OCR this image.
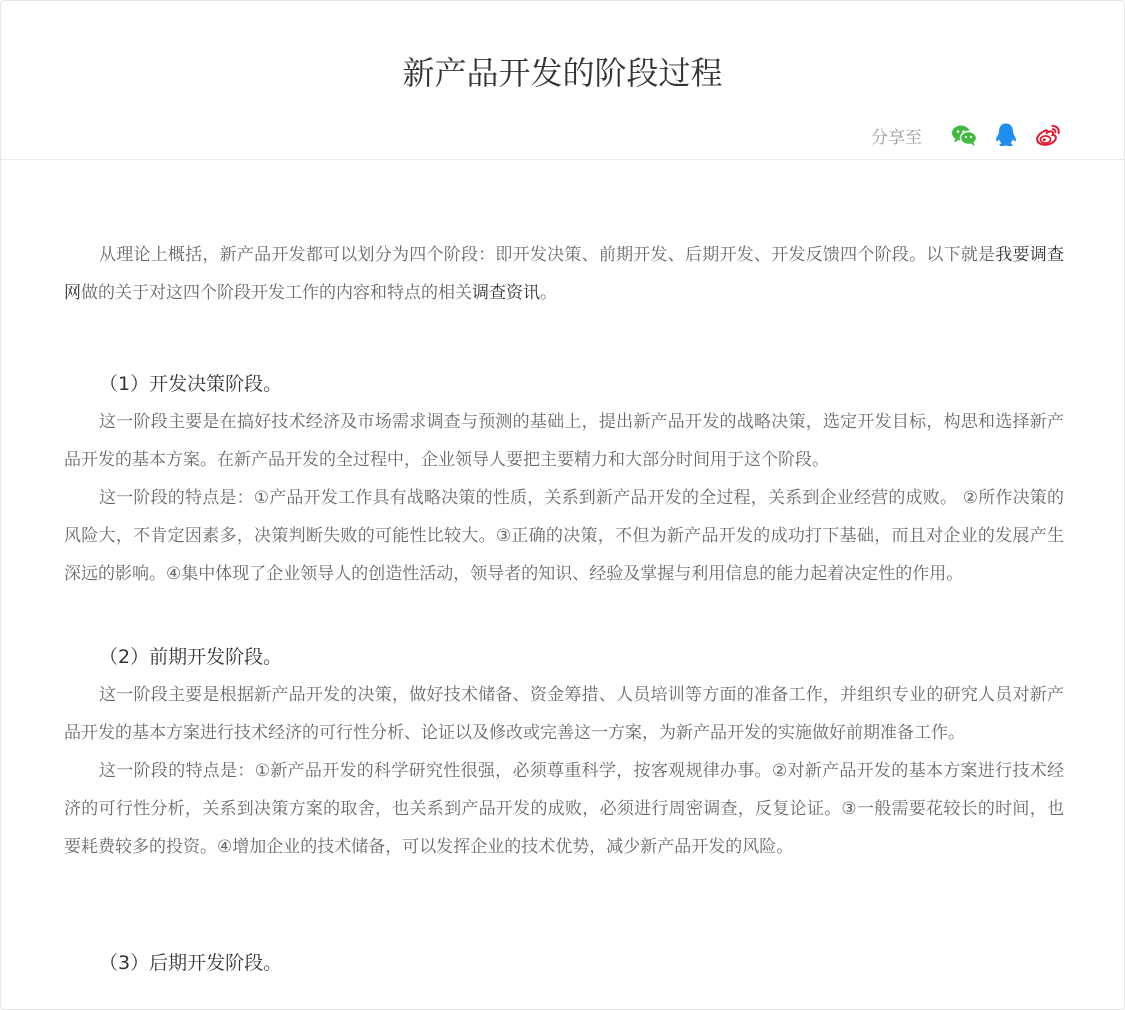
新产品开发的阶段过程
分享至

从理论上概括，新产品开发都可以划分为四个阶段：即开发决策、前期开发、后期开发、开发反馈四个阶段。以下就是我要调查网做的关于对这四个阶段开发工作的内容和特点的相关调查资讯。

（1）开发决策阶段。

这一阶段主要是在搞好技术经济及市场需求调查与预测的基础上，提出新产品开发的战略决策，选定开发目标，构思和选择新产品开发的基本方案。在新产品开发的全过程中，企业领导人要把主要精力和大部分时间用于这个阶段。

这一阶段的特点是：①产品开发工作具有战略决策的性质，关系到新产品开发的全过程，关系到企业经营的成败。 ②所作决策的风险大，不肯定因素多，决策判断失败的可能性比较大。③正确的决策，不但为新产品开发的成功打下基础，而且对企业的发展产生深远的影响。④集中体现了企业领导人的创造性活动，领导者的知识、经验及掌握与利用信息的能力起着决定性的作用。

（2）前期开发阶段。

这一阶段主要是根据新产品开发的决策，做好技术储备、资金筹措、人员培训等方面的准备工作，并组织专业的研究人员对新产品开发的基本方案进行技术经济的可行性分析、论证以及修改或完善这一方案，为新产品开发的实施做好前期准备工作。

这一阶段的特点是：①新产品开发的科学研究性很强，必须尊重科学，按客观规律办事。②对新产品开发的基本方案进行技术经济的可行性分析，关系到决策方案的取舍，也关系到产品开发的成败，必须进行周密调查，反复论证。③一般需要花较长的时间，也要耗费较多的投资。④增加企业的技术储备，可以发挥企业的技术优势，减少新产品开发的风险。

（3）后期开发阶段。
